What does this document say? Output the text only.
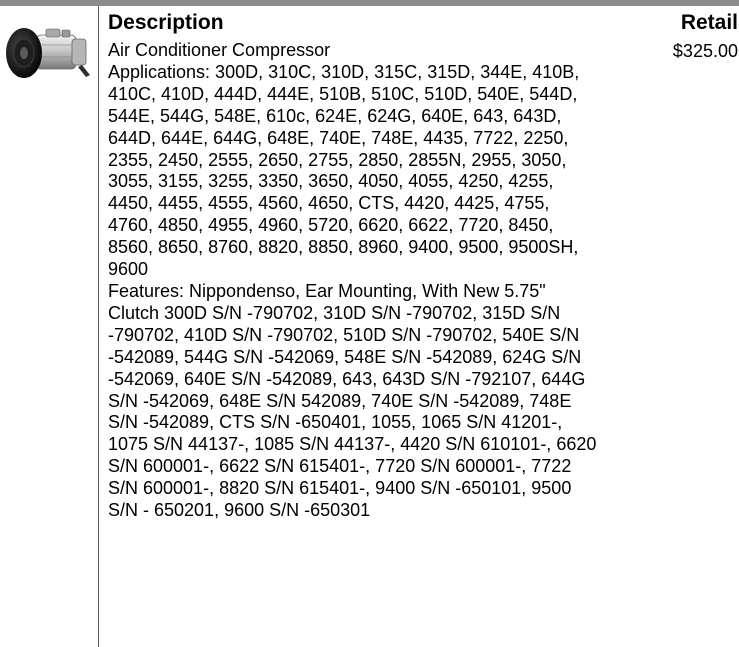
Description	Retail
$325.00

Air Conditioner Compressor

Applications: 300D, 310C, 310D, 315C, 315D, 344E, 410B, 410C, 410D, 444D, 444E, 510B, 510C, 510D, 540E, 544D, 544E, 544G, 548E, 610c, 624E, 624G, 640E, 643, 643D, 644D, 644E, 644G, 648E, 740E, 748E, 4435, 7722, 2250, 2355, 2450, 2555, 2650, 2755, 2850, 2855N, 2955, 3050, 3055, 3155, 3255, 3350, 3650, 4050, 4055, 4250, 4255, 4450, 4455, 4555, 4560, 4650, CTS, 4420, 4425, 4755, 4760, 4850, 4955, 4960, 5720, 6620, 6622, 7720, 8450, 8560, 8650, 8760, 8820, 8850, 8960, 9400, 9500, 9500SH, 9600

Features: Nippondenso, Ear Mounting, With New 5.75" Clutch 300D S/N -790702, 310D S/N -790702, 315D S/N -790702, 410D S/N -790702, 510D S/N -790702, 540E S/N -542089, 544G S/N -542069, 548E S/N -542089, 624G S/N -542069, 640E S/N -542089, 643, 643D S/N -792107, 644G S/N -542069, 648E S/N 542089, 740E S/N -542089, 748E S/N -542089, CTS S/N -650401, 1055, 1065 S/N 41201-, 1075 S/N 44137-, 1085 S/N 44137-, 4420 S/N 610101-, 6620 S/N 600001-, 6622 S/N 615401-, 7720 S/N 600001-, 7722 S/N 600001-, 8820 S/N 615401-, 9400 S/N -650101, 9500 S/N - 650201, 9600 S/N -650301
